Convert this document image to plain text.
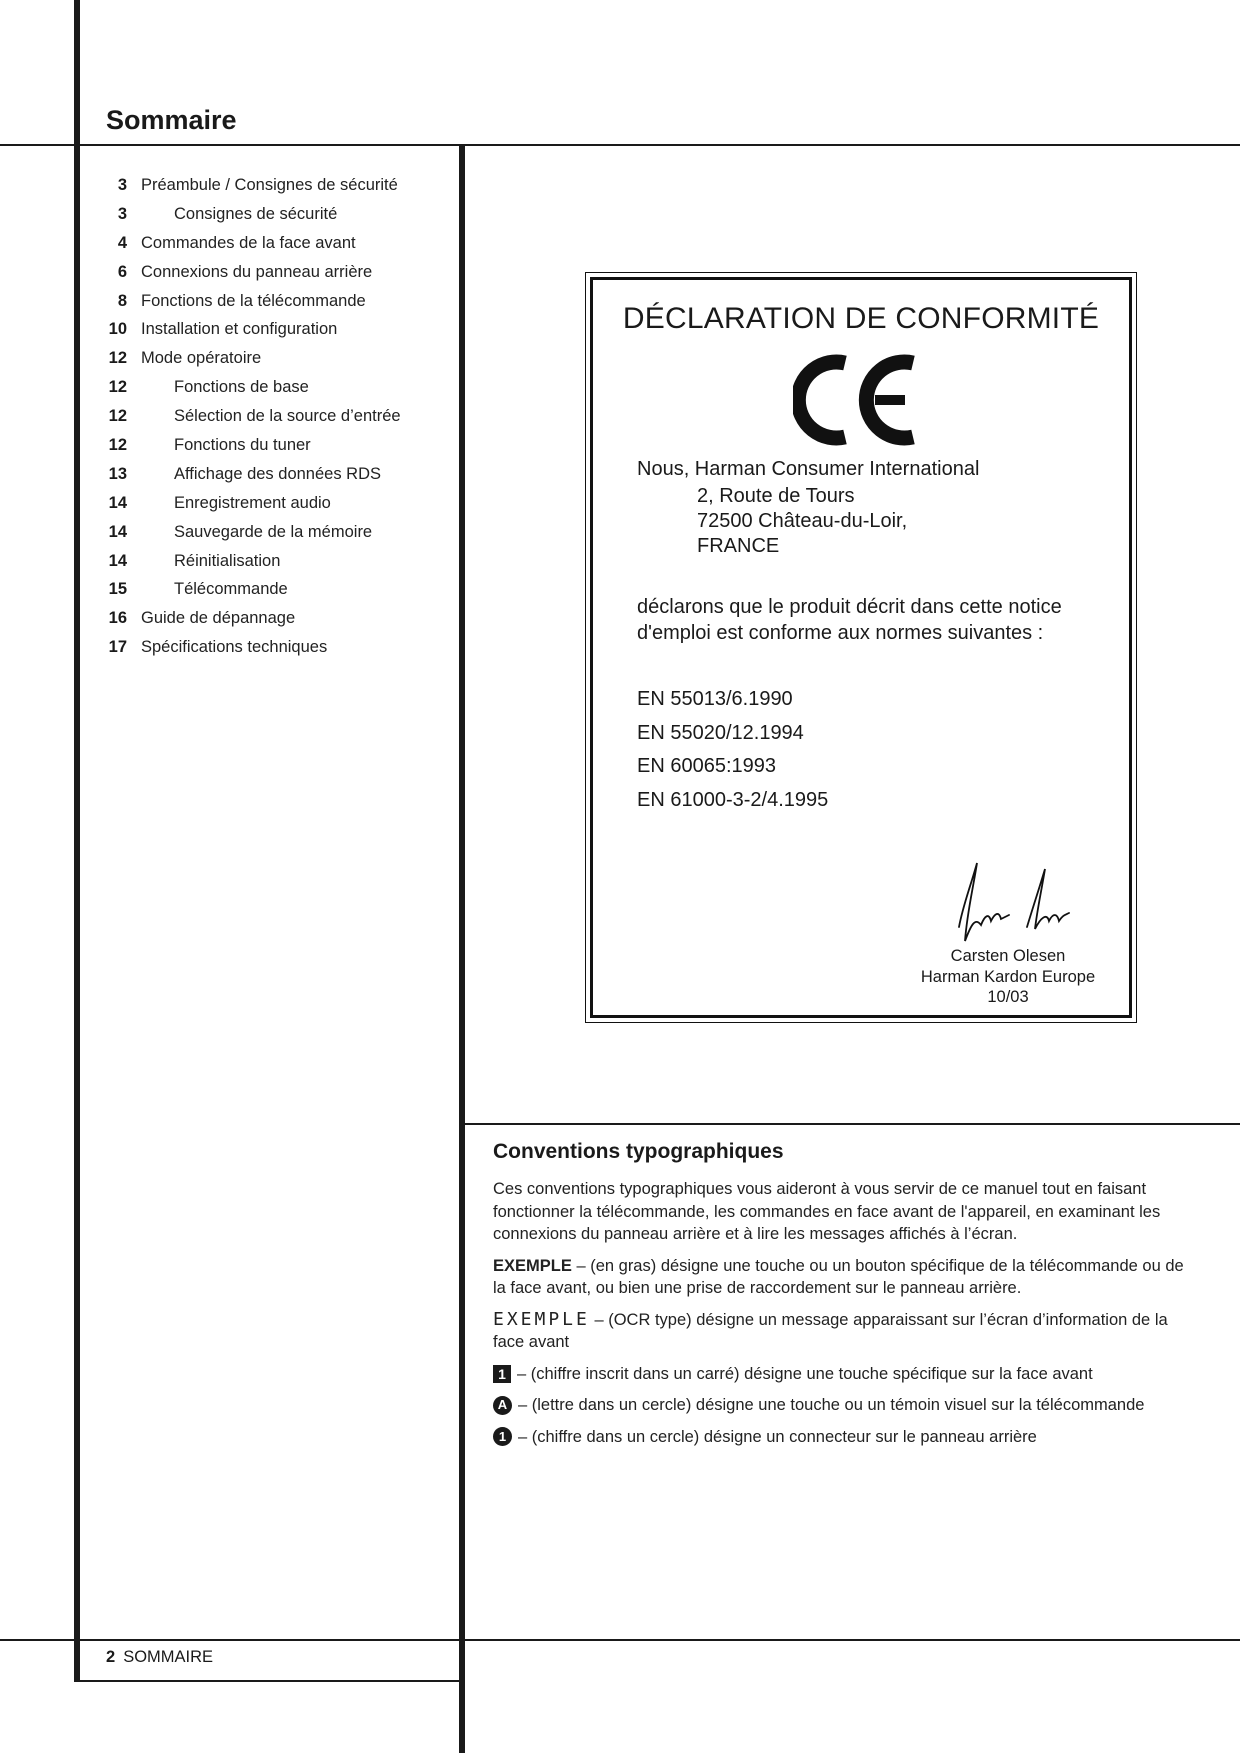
Sommaire
3 Préambule / Consignes de sécurité
3	Consignes de sécurité
4 Commandes de la face avant
6 Connexions du panneau arrière
8 Fonctions de la télécommande
10 Installation et configuration
12 Mode opératoire
12	Fonctions de base
12	Sélection de la source d’entrée
12	Fonctions du tuner
13	Affichage des données RDS
14	Enregistrement audio
14	Sauvegarde de la mémoire
14	Réinitialisation
15	Télécommande
16 Guide de dépannage
17 Spécifications techniques
DÉCLARATION DE CONFORMITÉ
Nous, Harman Consumer International
2, Route de Tours
72500 Château-du-Loir,
FRANCE
déclarons que le produit décrit dans cette notice d'emploi est conforme aux normes suivantes :
EN 55013/6.1990
EN 55020/12.1994
EN 60065:1993
EN 61000-3-2/4.1995
Carsten Olesen
Harman Kardon Europe
10/03
Conventions typographiques

Ces conventions typographiques vous aideront à vous servir de ce manuel tout en faisant fonctionner la télécommande, les commandes en face avant de l'appareil, en examinant les connexions du panneau arrière et à lire les messages affichés à l’écran.

EXEMPLE – (en gras) désigne une touche ou un bouton spécifique de la télécommande ou de la face avant, ou bien une prise de raccordement sur le panneau arrière.

EXEMPLE – (OCR type) désigne un message apparaissant sur l’écran d’information de la face avant

1 – (chiffre inscrit dans un carré) désigne une touche spécifique sur la face avant
A – (lettre dans un cercle) désigne une touche ou un témoin visuel sur la télécommande
1 – (chiffre dans un cercle) désigne un connecteur sur le panneau arrière
2 SOMMAIRE
